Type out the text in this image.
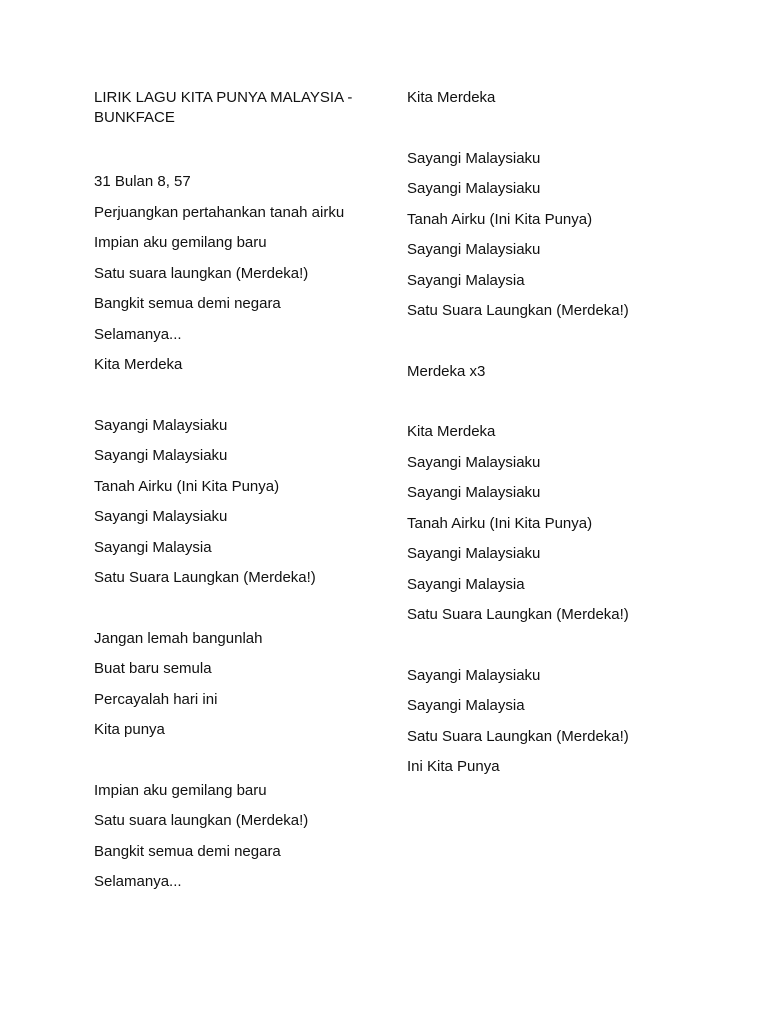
LIRIK LAGU KITA PUNYA MALAYSIA - BUNKFACE
31 Bulan 8, 57
Perjuangkan pertahankan tanah airku
Impian aku gemilang baru
Satu suara laungkan (Merdeka!)
Bangkit semua demi negara
Selamanya...
Kita Merdeka
Sayangi Malaysiaku
Sayangi Malaysiaku
Tanah Airku (Ini Kita Punya)
Sayangi Malaysiaku
Sayangi Malaysia
Satu Suara Laungkan (Merdeka!)
Jangan lemah bangunlah
Buat baru semula
Percayalah hari ini
Kita punya
Impian aku gemilang baru
Satu suara laungkan (Merdeka!)
Bangkit semua demi negara
Selamanya...
Kita Merdeka
Sayangi Malaysiaku
Sayangi Malaysiaku
Tanah Airku (Ini Kita Punya)
Sayangi Malaysiaku
Sayangi Malaysia
Satu Suara Laungkan (Merdeka!)
Merdeka x3
Kita Merdeka
Sayangi Malaysiaku
Sayangi Malaysiaku
Tanah Airku (Ini Kita Punya)
Sayangi Malaysiaku
Sayangi Malaysia
Satu Suara Laungkan (Merdeka!)
Sayangi Malaysiaku
Sayangi Malaysia
Satu Suara Laungkan (Merdeka!)
Ini Kita Punya
